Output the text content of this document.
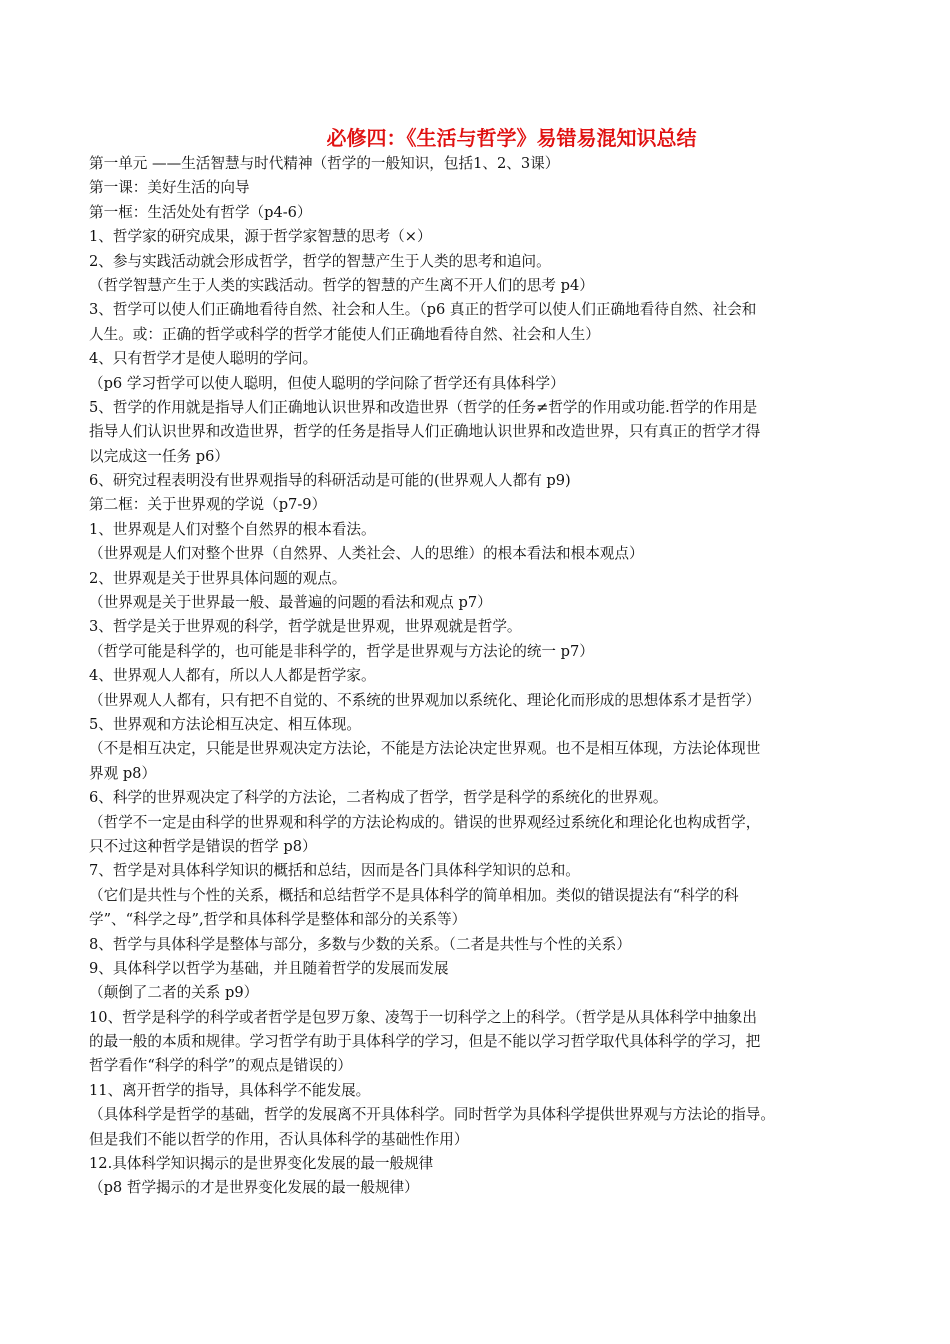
必修四：《生活与哲学》易错易混知识总结
第一单元 ——生活智慧与时代精神（哲学的一般知识，包括1、2、3课）
第一课：美好生活的向导
第一框：生活处处有哲学（p4-6）
1、哲学家的研究成果，源于哲学家智慧的思考（×）
2、参与实践活动就会形成哲学，哲学的智慧产生于人类的思考和追问。
（哲学智慧产生于人类的实践活动。哲学的智慧的产生离不开人们的思考 p4）
3、哲学可以使人们正确地看待自然、社会和人生。（p6 真正的哲学可以使人们正确地看待自然、社会和
人生。或：正确的哲学或科学的哲学才能使人们正确地看待自然、社会和人生）
4、只有哲学才是使人聪明的学问。
（p6 学习哲学可以使人聪明，但使人聪明的学问除了哲学还有具体科学）
5、哲学的作用就是指导人们正确地认识世界和改造世界（哲学的任务≠哲学的作用或功能.哲学的作用是
指导人们认识世界和改造世界，哲学的任务是指导人们正确地认识世界和改造世界，只有真正的哲学才得
以完成这一任务 p6）
6、研究过程表明没有世界观指导的科研活动是可能的(世界观人人都有 p9)
第二框：关于世界观的学说（p7-9）
1、世界观是人们对整个自然界的根本看法。
（世界观是人们对整个世界（自然界、人类社会、人的思维）的根本看法和根本观点）
2、世界观是关于世界具体问题的观点。
（世界观是关于世界最一般、最普遍的问题的看法和观点 p7）
3、哲学是关于世界观的科学，哲学就是世界观，世界观就是哲学。
（哲学可能是科学的，也可能是非科学的，哲学是世界观与方法论的统一 p7）
4、世界观人人都有，所以人人都是哲学家。
（世界观人人都有，只有把不自觉的、不系统的世界观加以系统化、理论化而形成的思想体系才是哲学）
5、世界观和方法论相互决定、相互体现。
（不是相互决定，只能是世界观决定方法论，不能是方法论决定世界观。也不是相互体现，方法论体现世
界观 p8）
6、科学的世界观决定了科学的方法论，二者构成了哲学，哲学是科学的系统化的世界观。
（哲学不一定是由科学的世界观和科学的方法论构成的。错误的世界观经过系统化和理论化也构成哲学，
只不过这种哲学是错误的哲学 p8）
7、哲学是对具体科学知识的概括和总结，因而是各门具体科学知识的总和。
（它们是共性与个性的关系，概括和总结哲学不是具体科学的简单相加。类似的错误提法有“科学的科
学”、“科学之母”,哲学和具体科学是整体和部分的关系等）
8、哲学与具体科学是整体与部分，多数与少数的关系。（二者是共性与个性的关系）
9、具体科学以哲学为基础，并且随着哲学的发展而发展
（颠倒了二者的关系 p9）
10、哲学是科学的科学或者哲学是包罗万象、凌驾于一切科学之上的科学。（哲学是从具体科学中抽象出
的最一般的本质和规律。学习哲学有助于具体科学的学习，但是不能以学习哲学取代具体科学的学习，把
哲学看作“科学的科学”的观点是错误的）
11、离开哲学的指导，具体科学不能发展。
（具体科学是哲学的基础，哲学的发展离不开具体科学。同时哲学为具体科学提供世界观与方法论的指导。
但是我们不能以哲学的作用，否认具体科学的基础性作用）
12.具体科学知识揭示的是世界变化发展的最一般规律
（p8 哲学揭示的才是世界变化发展的最一般规律）
